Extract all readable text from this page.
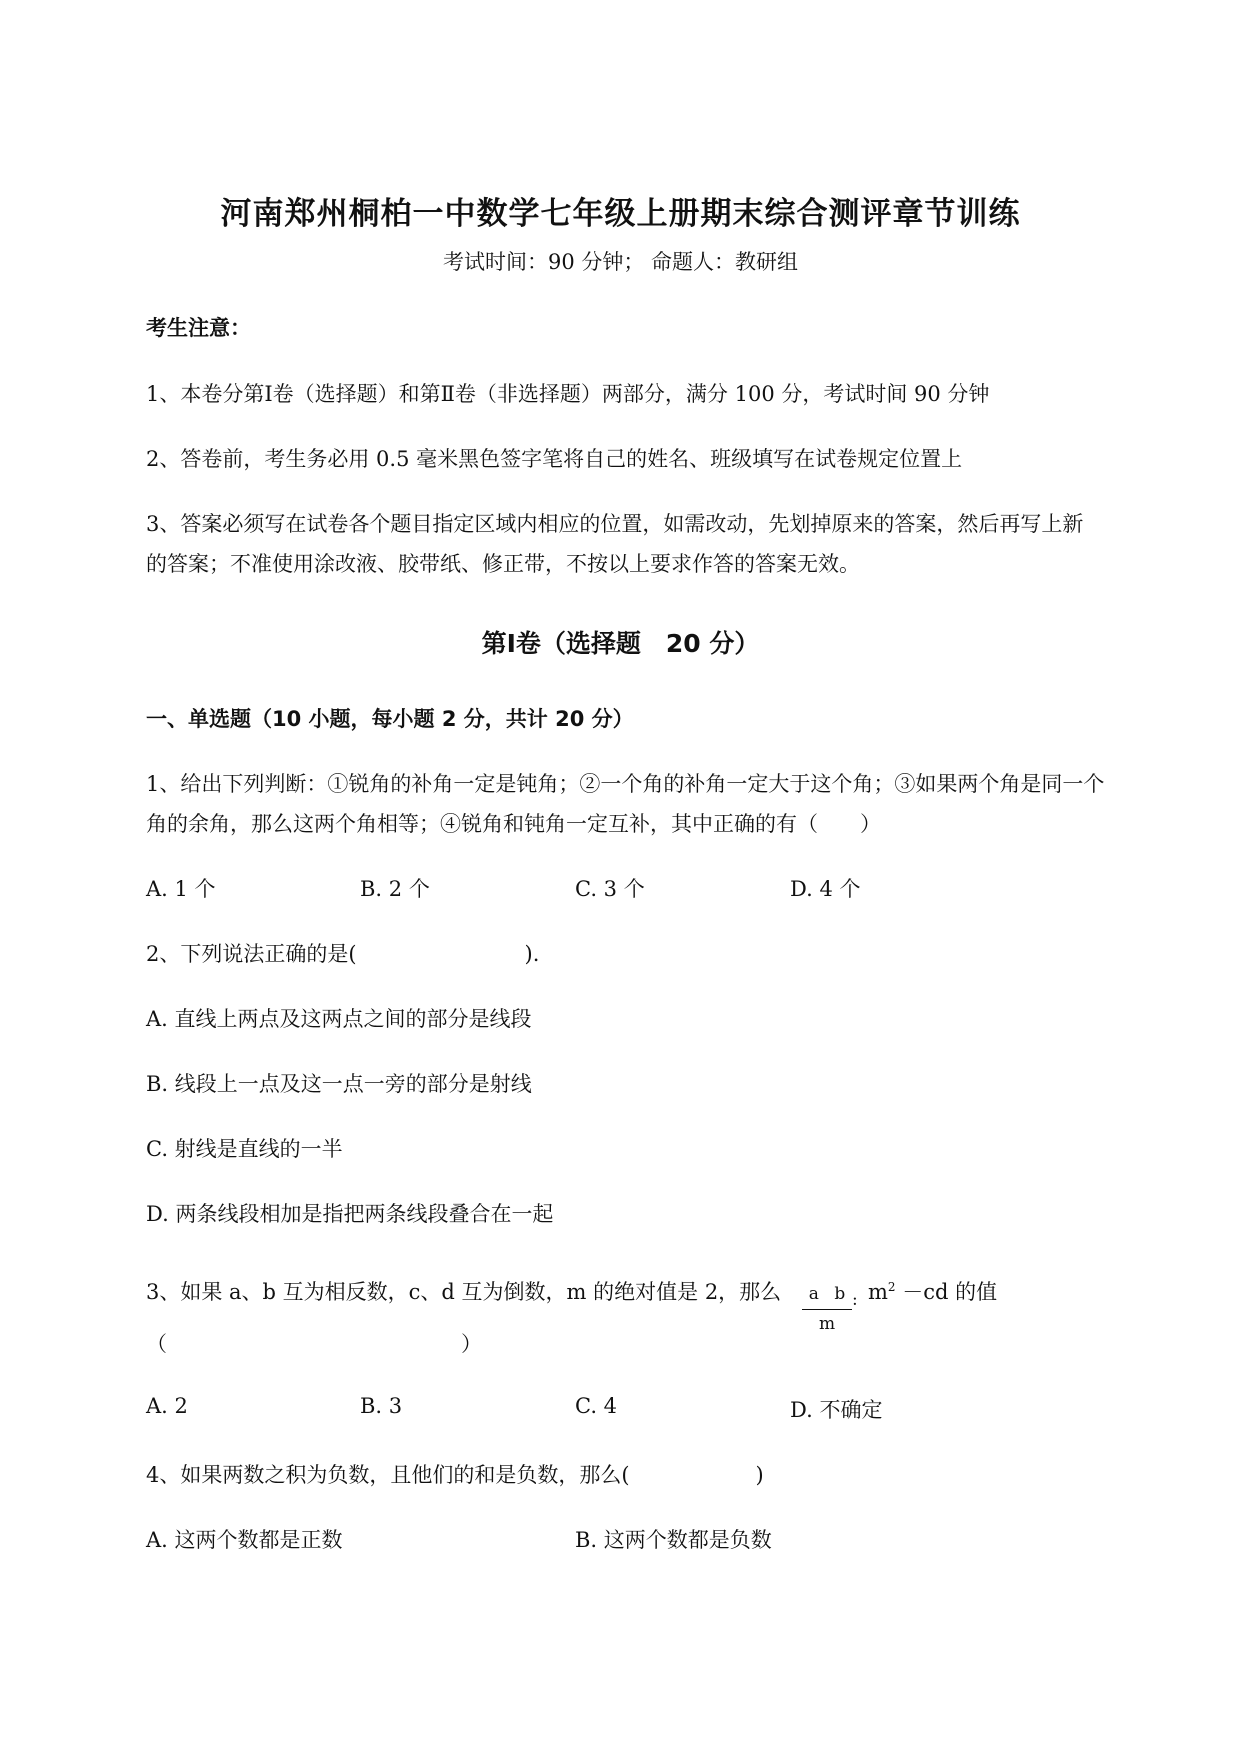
河南郑州桐柏一中数学七年级上册期末综合测评章节训练
考试时间：90 分钟； 命题人：教研组
考生注意：
1、本卷分第Ⅰ卷（选择题）和第Ⅱ卷（非选择题）两部分，满分 100 分，考试时间 90 分钟
2、答卷前，考生务必用 0.5 毫米黑色签字笔将自己的姓名、班级填写在试卷规定位置上
3、答案必须写在试卷各个题目指定区域内相应的位置，如需改动，先划掉原来的答案，然后再写上新
的答案；不准使用涂改液、胶带纸、修正带，不按以上要求作答的答案无效。
第Ⅰ卷（选择题　20 分）
一、单选题（10 小题，每小题 2 分，共计 20 分）
1、给出下列判断：①锐角的补角一定是钝角；②一个角的补角一定大于这个角；③如果两个角是同一个
角的余角，那么这两个角相等；④锐角和钝角一定互补，其中正确的有（　　）
A. 1 个	B. 2 个	C. 3 个	D. 4 个
2、下列说法正确的是(　　　　　　　　).
A. 直线上两点及这两点之间的部分是线段
B. 线段上一点及这一点一旁的部分是射线
C. 射线是直线的一半
D. 两条线段相加是指把两条线段叠合在一起
3、如果 a、b 互为相反数，c、d 互为倒数，m 的绝对值是 2，那么	a b
m
: $m^2 -cd$ 的值
（　　　　　　　　　　　　　　）
A. 2	B. 3	C. 4	D. 不确定
4、如果两数之积为负数，且他们的和是负数，那么(　　　　　　)
A. 这两个数都是正数	B. 这两个数都是负数
